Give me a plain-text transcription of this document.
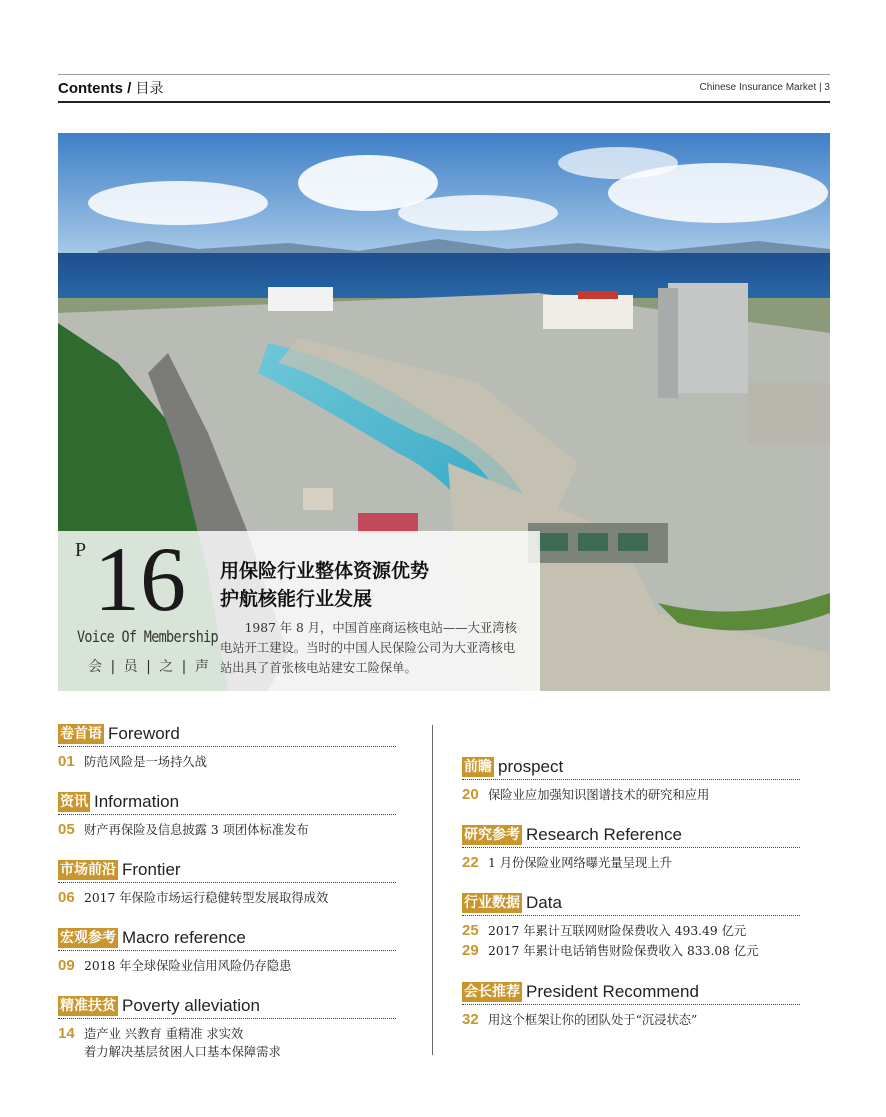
Contents / 目录	Chinese Insurance Market | 3
P 16
Voice Of Membership
会 | 员 | 之 | 声
用保险行业整体资源优势
护航核能行业发展
1987 年 8 月，中国首座商运核电站——大亚湾核电站开工建设。当时的中国人民保险公司为大亚湾核电站出具了首张核电站建安工险保单。
卷首语 Foreword
01 防范风险是一场持久战
资讯 Information
05 财产再保险及信息披露 3 项团体标准发布
市场前沿 Frontier
06 2017 年保险市场运行稳健转型发展取得成效
宏观参考 Macro reference
09 2018 年全球保险业信用风险仍存隐患
精准扶贫 Poverty alleviation
14 造产业 兴教育 重精准 求实效
着力解决基层贫困人口基本保障需求
前瞻 prospect
20 保险业应加强知识图谱技术的研究和应用
研究参考 Research Reference
22 1 月份保险业网络曝光量呈现上升
行业数据 Data
25 2017 年累计互联网财险保费收入 493.49 亿元
29 2017 年累计电话销售财险保费收入 833.08 亿元
会长推荐 President Recommend
32 用这个框架让你的团队处于“沉浸状态”
